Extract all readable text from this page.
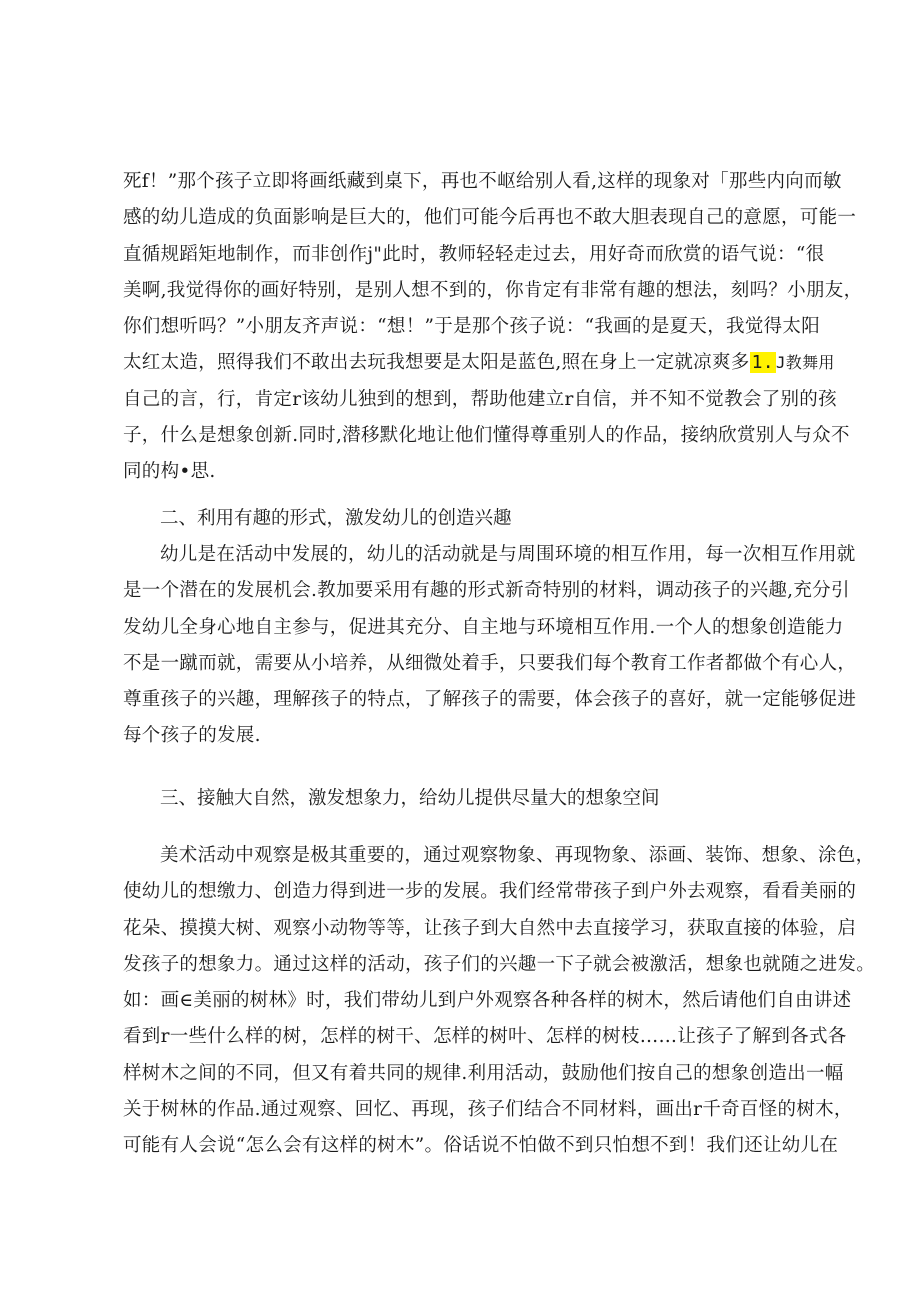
死f！”那个孩子立即将画纸藏到桌下，再也不岖给别人看,这样的现象对「那些内向而敏
感的幼儿造成的负面影响是巨大的，他们可能今后再也不敢大胆表现自己的意愿，可能一
直循规蹈矩地制作，而非创作j"此时，教师轻轻走过去，用好奇而欣赏的语气说：“很
美啊,我觉得你的画好特别，是别人想不到的，你肯定有非常有趣的想法，刻吗？小朋友，
你们想听吗？”小朋友齐声说：“想！”于是那个孩子说：“我画的是夏天，我觉得太阳
太红太造，照得我们不敢出去玩我想要是太阳是蓝色,照在身上一定就凉爽多 1. J教舞用
自己的言，行，肯定r该幼儿独到的想到，帮助他建立r自信，并不知不觉教会了别的孩
子，什么是想象创新.同时,潜移默化地让他们懂得尊重别人的作品，接纳欣赏别人与众不
同的构•思.

二、利用有趣的形式，激发幼儿的创造兴趣

幼儿是在活动中发展的，幼儿的活动就是与周围环境的相互作用，每一次相互作用就
是一个潜在的发展机会.教加要采用有趣的形式新奇特别的材料，调动孩子的兴趣,充分引
发幼儿全身心地自主参与，促进其充分、自主地与环境相互作用.一个人的想象创造能力
不是一蹴而就，需要从小培养，从细微处着手，只要我们每个教育工作者都做个有心人，
尊重孩子的兴趣，理解孩子的特点，了解孩子的需要，体会孩子的喜好，就一定能够促进
每个孩子的发展.

三、接触大自然，激发想象力，给幼儿提供尽量大的想象空间

美术活动中观察是极其重要的，通过观察物象、再现物象、添画、装饰、想象、涂色，
使幼儿的想缴力、创造力得到进一步的发展。我们经常带孩子到户外去观察，看看美丽的
花朵、摸摸大树、观察小动物等等，让孩子到大自然中去直接学习，获取直接的体验，启
发孩子的想象力。通过这样的活动，孩子们的兴趣一下子就会被激活，想象也就随之进发。
如：画∈美丽的树林》时，我们带幼儿到户外观察各种各样的树木，然后请他们自由讲述
看到r一些什么样的树，怎样的树干、怎样的树叶、怎样的树枝……让孩子了解到各式各
样树木之间的不同，但又有着共同的规律.利用活动，鼓励他们按自己的想象创造出一幅
关于树林的作品.通过观察、回忆、再现，孩子们结合不同材料，画出r千奇百怪的树木，
可能有人会说“怎么会有这样的树木”。俗话说不怕做不到只怕想不到！我们还让幼儿在
